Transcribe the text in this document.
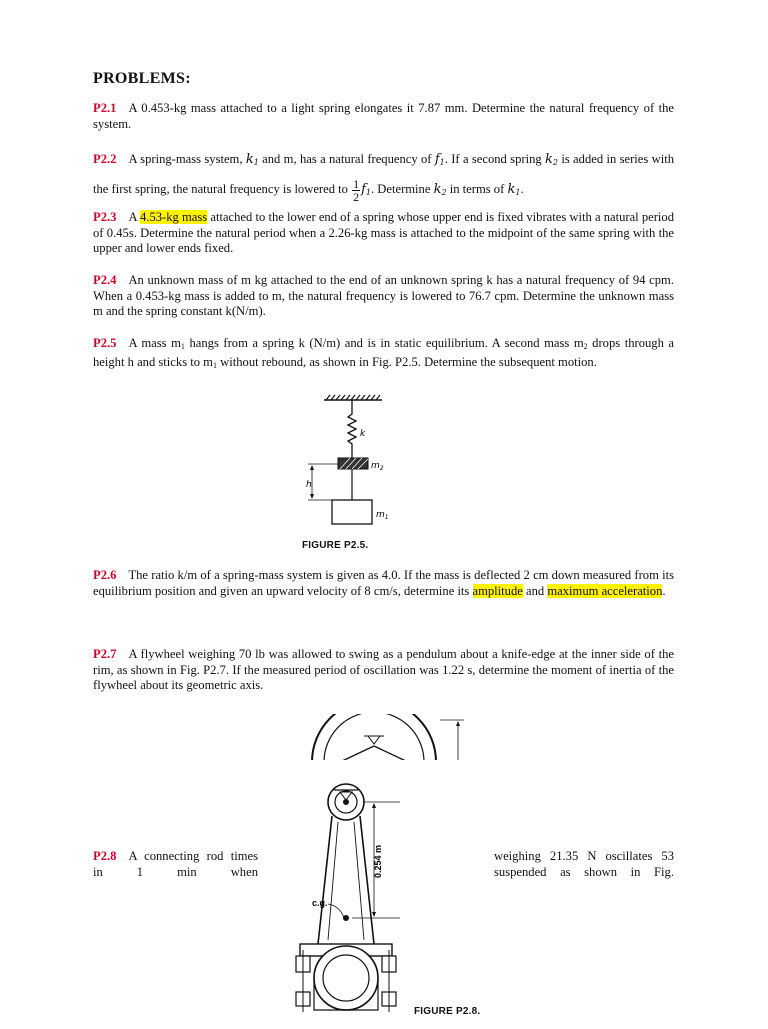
PROBLEMS:
P2.1 A 0.453-kg mass attached to a light spring elongates it 7.87 mm. Determine the natural frequency of the system.
P2.2 A spring-mass system, $k_1$ and m, has a natural frequency of $f_1$. If a second spring $k_2$ is added in series with the first spring, the natural frequency is lowered to $\frac{1}{2} f_1$. Determine $k_2$ in terms of $k_1$.
P2.3 A 4.53-kg mass attached to the lower end of a spring whose upper end is fixed vibrates with a natural period of 0.45s. Determine the natural period when a 2.26-kg mass is attached to the midpoint of the same spring with the upper and lower ends fixed.
P2.4 An unknown mass of m kg attached to the end of an unknown spring k has a natural frequency of 94 cpm. When a 0.453-kg mass is added to m, the natural frequency is lowered to 76.7 cpm. Determine the unknown mass m and the spring constant k(N/m).
P2.5 A mass $m_1$ hangs from a spring k (N/m) and is in static equilibrium. A second mass $m_2$ drops through a height h and sticks to $m_1$ without rebound, as shown in Fig. P2.5. Determine the subsequent motion.
k
$m_2$
h
$m_1$
FIGURE P2.5.
P2.6 The ratio k/m of a spring-mass system is given as 4.0. If the mass is deflected 2 cm down measured from its equilibrium position and given an upward velocity of 8 cm/s, determine its amplitude and maximum acceleration.
P2.7 A flywheel weighing 70 lb was allowed to swing as a pendulum about a knife-edge at the inner side of the rim, as shown in Fig. P2.7. If the measured period of oscillation was 1.22 s, determine the moment of inertia of the flywheel about its geometric axis.
0.254 m
c.g.
FIGURE P2.8.
P2.8 A connecting rod times in 1 min when
weighing 21.35 N oscillates 53 suspended as shown in Fig.
